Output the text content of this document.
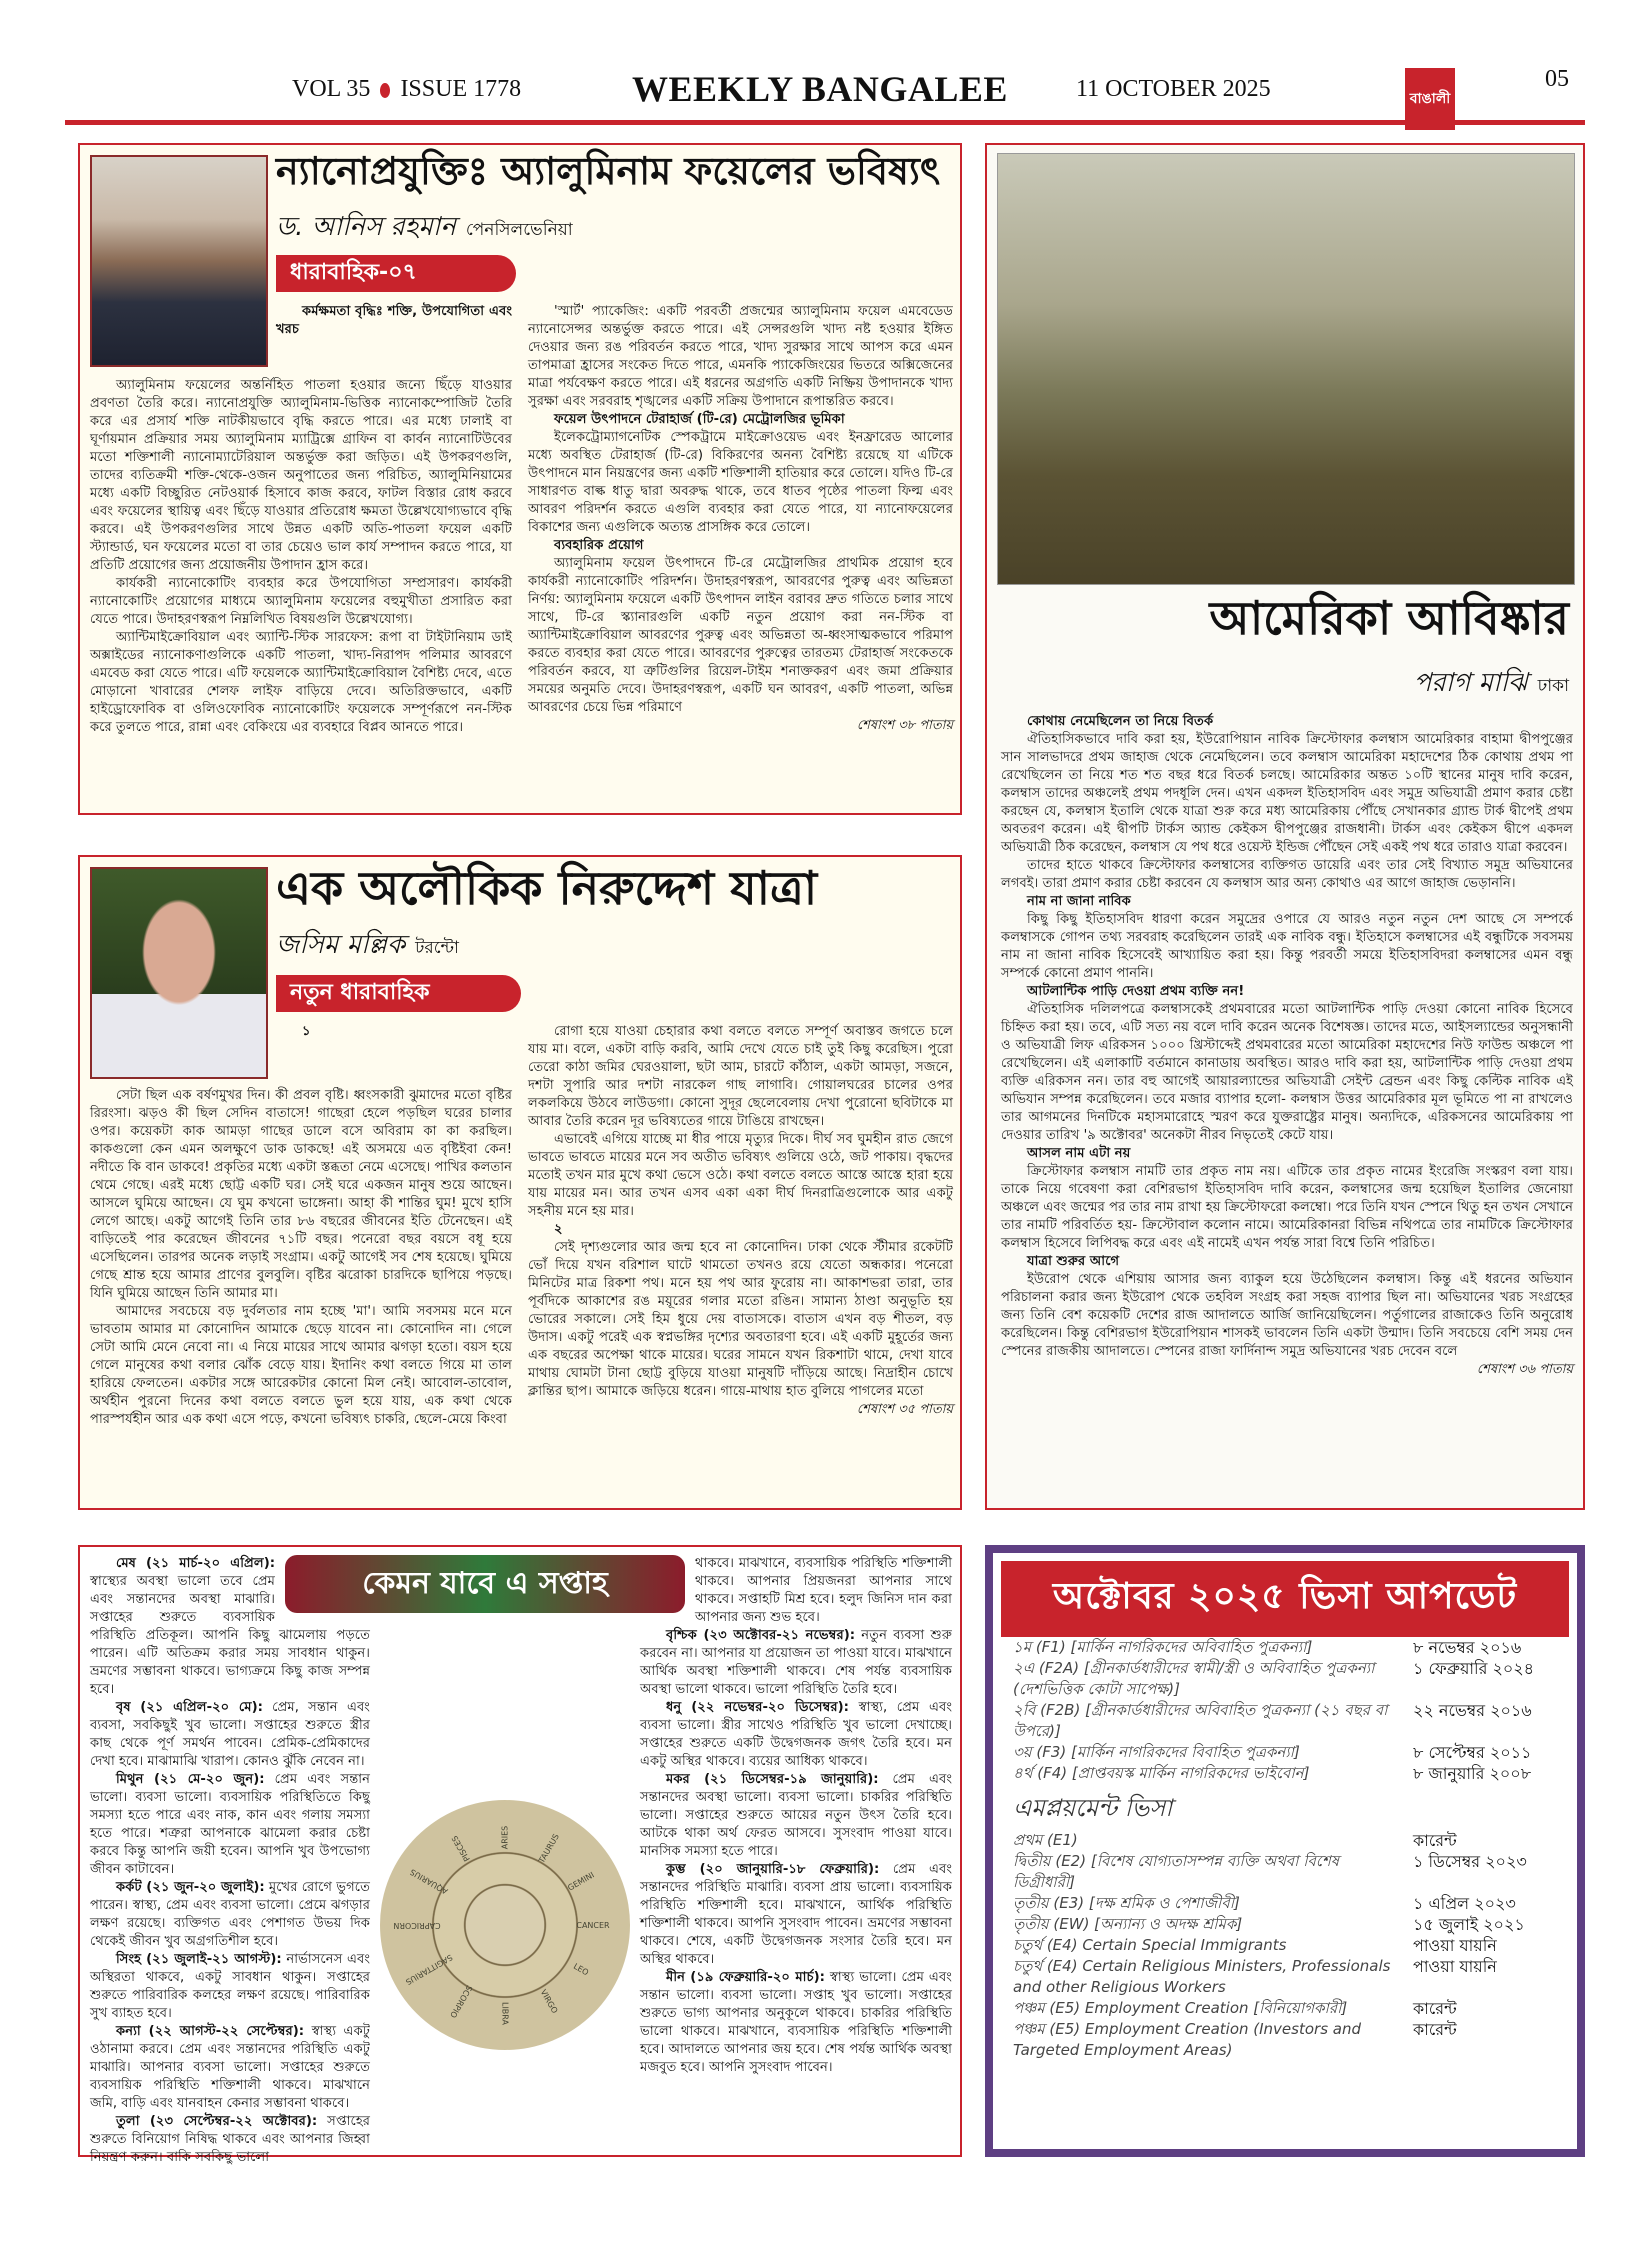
VOL 35 ISSUE 1778	WEEKLY BANGALEE	11 OCTOBER 2025	বাঙালী
05
ন্যানোপ্রযুক্তিঃ অ্যালুমিনাম ফয়েলের ভবিষ্যৎ
ড. আনিস রহমান পেনসিলভেনিয়া
ধারাবাহিক-০৭

কর্মক্ষমতা বৃদ্ধিঃ শক্তি, উপযোগিতা এবং খরচ

অ্যালুমিনাম ফয়েলের অন্তর্নিহিত পাতলা হওয়ার জন্যে ছিঁড়ে যাওয়ার প্রবণতা তৈরি করে। ন্যানোপ্রযুক্তি অ্যালুমিনাম-ভিত্তিক ন্যানোকম্পোজিট তৈরি করে এর প্রসার্য শক্তি নাটকীয়ভাবে বৃদ্ধি করতে পারে। এর মধ্যে ঢালাই বা ঘূর্ণায়মান প্রক্রিয়ার সময় অ্যালুমিনাম ম্যাট্রিক্সে গ্রাফিন বা কার্বন ন্যানোটিউবের মতো শক্তিশালী ন্যানোম্যাটেরিয়াল অন্তর্ভুক্ত করা জড়িত। এই উপকরণগুলি, তাদের ব্যতিক্রমী শক্তি-থেকে-ওজন অনুপাতের জন্য পরিচিত, অ্যালুমিনিয়ামের মধ্যে একটি বিচ্ছুরিত নেটওয়ার্ক হিসাবে কাজ করবে, ফাটল বিস্তার রোধ করবে এবং ফয়েলের স্থায়িত্ব এবং ছিঁড়ে যাওয়ার প্রতিরোধ ক্ষমতা উল্লেখযোগ্যভাবে বৃদ্ধি করবে। এই উপকরণগুলির সাথে উন্নত একটি অতি-পাতলা ফয়েল একটি স্ট্যান্ডার্ড, ঘন ফয়েলের মতো বা তার চেয়েও ভাল কার্য সম্পাদন করতে পারে, যা প্রতিটি প্রয়োগের জন্য প্রয়োজনীয় উপাদান হ্রাস করে।

কার্যকরী ন্যানোকোটিং ব্যবহার করে উপযোগিতা সম্প্রসারণ। কার্যকরী ন্যানোকোটিং প্রয়োগের মাধ্যমে অ্যালুমিনাম ফয়েলের বহুমুখীতা প্রসারিত করা যেতে পারে। উদাহরণস্বরূপ নিম্নলিখিত বিষয়গুলি উল্লেখযোগ্য।

অ্যান্টিমাইক্রোবিয়াল এবং অ্যান্টি-স্টিক সারফেস: রূপা বা টাইটানিয়াম ডাই অক্সাইডের ন্যানোকণাগুলিকে একটি পাতলা, খাদ্য-নিরাপদ পলিমার আবরণে এমবেড করা যেতে পারে। এটি ফয়েলকে অ্যান্টিমাইক্রোবিয়াল বৈশিষ্ট্য দেবে, এতে মোড়ানো খাবারের শেলফ লাইফ বাড়িয়ে দেবে। অতিরিক্তভাবে, একটি হাইড্রোফোবিক বা ওলিওফোবিক ন্যানোকোটিং ফয়েলকে সম্পূর্ণরূপে নন-স্টিক করে তুলতে পারে, রান্না এবং বেকিংয়ে এর ব্যবহারে বিপ্লব আনতে পারে।

'স্মার্ট' প্যাকেজিং: একটি পরবর্তী প্রজন্মের অ্যালুমিনাম ফয়েল এমবেডেড ন্যানোসেন্সর অন্তর্ভুক্ত করতে পারে। এই সেন্সরগুলি খাদ্য নষ্ট হওয়ার ইঙ্গিত দেওয়ার জন্য রঙ পরিবর্তন করতে পারে, খাদ্য সুরক্ষার সাথে আপস করে এমন তাপমাত্রা হ্রাসের সংকেত দিতে পারে, এমনকি প্যাকেজিংয়ের ভিতরে অক্সিজেনের মাত্রা পর্যবেক্ষণ করতে পারে। এই ধরনের অগ্রগতি একটি নিষ্ক্রিয় উপাদানকে খাদ্য সুরক্ষা এবং সরবরাহ শৃঙ্খলের একটি সক্রিয় উপাদানে রূপান্তরিত করবে।

ফয়েল উৎপাদনে টেরাহার্জ (টি-রে) মেট্রোলজির ভূমিকা

ইলেকট্রোম্যাগনেটিক স্পেকট্রামে মাইক্রোওয়েভ এবং ইনফ্রারেড আলোর মধ্যে অবস্থিত টেরাহার্জ (টি-রে) বিকিরণের অনন্য বৈশিষ্ট্য রয়েছে যা এটিকে উৎপাদনে মান নিয়ন্ত্রণের জন্য একটি শক্তিশালী হাতিয়ার করে তোলে। যদিও টি-রে সাধারণত বাল্ক ধাতু দ্বারা অবরুদ্ধ থাকে, তবে ধাতব পৃষ্ঠের পাতলা ফিল্ম এবং আবরণ পরিদর্শন করতে এগুলি ব্যবহার করা যেতে পারে, যা ন্যানোফয়েলের বিকাশের জন্য এগুলিকে অত্যন্ত প্রাসঙ্গিক করে তোলে।

ব্যবহারিক প্রয়োগ

অ্যালুমিনাম ফয়েল উৎপাদনে টি-রে মেট্রোলজির প্রাথমিক প্রয়োগ হবে কার্যকরী ন্যানোকোটিং পরিদর্শন। উদাহরণস্বরূপ, আবরণের পুরুত্ব এবং অভিন্নতা নির্ণয়: অ্যালুমিনাম ফয়েলে একটি উৎপাদন লাইন বরাবর দ্রুত গতিতে চলার সাথে সাথে, টি-রে স্ক্যানারগুলি একটি নতুন প্রয়োগ করা নন-স্টিক বা অ্যান্টিমাইক্রোবিয়াল আবরণের পুরুত্ব এবং অভিন্নতা অ-ধ্বংসাত্মকভাবে পরিমাপ করতে ব্যবহার করা যেতে পারে। আবরণের পুরুত্বের তারতম্য টেরাহার্জ সংকেতকে পরিবর্তন করবে, যা ত্রুটিগুলির রিয়েল-টাইম শনাক্তকরণ এবং জমা প্রক্রিয়ার সময়ের অনুমতি দেবে। উদাহরণস্বরূপ, একটি ঘন আবরণ, একটি পাতলা, অভিন্ন আবরণের চেয়ে ভিন্ন পরিমাণে

শেষাংশ ৩৮ পাতায়
এক অলৌকিক নিরুদ্দেশ যাত্রা
জসিম মল্লিক টরন্টো
নতুন ধারাবাহিক

১

সেটা ছিল এক বর্ষণমুখর দিন। কী প্রবল বৃষ্টি। ধ্বংসকারী ঝুমাদের মতো বৃষ্টির রিরংসা। ঝড়ও কী ছিল সেদিন বাতাসে! গাছেরা হেলে পড়ছিল ঘরের চালার ওপর। কয়েকটা কাক আমড়া গাছের ডালে বসে অবিরাম কা কা করছিল। কাকগুলো কেন এমন অলক্ষুণে ডাক ডাকছে! এই অসময়ে এত বৃষ্টিইবা কেন! নদীতে কি বান ডাকবে! প্রকৃতির মধ্যে একটা স্তব্ধতা নেমে এসেছে। পাখির কলতান থেমে গেছে। এরই মধ্যে ছোট্ট একটি ঘর। সেই ঘরে একজন মানুষ শুয়ে আছেন। আসলে ঘুমিয়ে আছেন। যে ঘুম কখনো ভাঙ্গেনা। আহা কী শান্তির ঘুম! মুখে হাসি লেগে আছে। একটু আগেই তিনি তার ৮৬ বছরের জীবনের ইতি টেনেছেন। এই বাড়িতেই পার করেছেন জীবনের ৭১টি বছর। পনেরো বছর বয়সে বধূ হয়ে এসেছিলেন। তারপর অনেক লড়াই সংগ্রাম। একটু আগেই সব শেষ হয়েছে। ঘুমিয়ে গেছে শ্রান্ত হয়ে আমার প্রাণের বুলবুলি। বৃষ্টির ঝরোকা চারদিকে ছাপিয়ে পড়ছে। যিনি ঘুমিয়ে আছেন তিনি আমার মা।

আমাদের সবচেয়ে বড় দুর্বলতার নাম হচ্ছে 'মা'। আমি সবসময় মনে মনে ভাবতাম আমার মা কোনোদিন আমাকে ছেড়ে যাবেন না। কোনোদিন না। গেলে সেটা আমি মেনে নেবো না। এ নিয়ে মায়ের সাথে আমার ঝগড়া হতো। বয়স হয়ে গেলে মানুষের কথা বলার ঝোঁক বেড়ে যায়। ইদানিং কথা বলতে গিয়ে মা তাল হারিয়ে ফেলতেন। একটার সঙ্গে আরেকটার কোনো মিল নেই। আবোল-তাবোল, অর্থহীন পুরনো দিনের কথা বলতে বলতে ভুল হয়ে যায়, এক কথা থেকে পারস্পর্যহীন আর এক কথা এসে পড়ে, কখনো ভবিষ্যৎ চাকরি, ছেলে-মেয়ে কিংবা

রোগা হয়ে যাওয়া চেহারার কথা বলতে বলতে সম্পূর্ণ অবাস্তব জগতে চলে যায় মা। বলে, একটা বাড়ি করবি, আমি দেখে যেতে চাই তুই কিছু করেছিস। পুরো তেরো কাঠা জমির ঘেরওয়ালা, ছটা আম, চারটে কাঁঠাল, একটা আমড়া, সজনে, দশটা সুপারি আর দশটা নারকেল গাছ লাগাবি। গোয়ালঘরের চালের ওপর লকলকিয়ে উঠবে লাউডগা। কোনো সুদূর ছেলেবেলায় দেখা পুরোনো ছবিটাকে মা আবার তৈরি করেন দূর ভবিষ্যতের গায়ে টাঙিয়ে রাখছেন।

এভাবেই এগিয়ে যাচ্ছে মা ধীর পায়ে মৃত্যুর দিকে। দীর্ঘ সব ঘুমহীন রাত জেগে ভাবতে ভাবতে মায়ের মনে সব অতীত ভবিষ্যৎ গুলিয়ে ওঠে, জট পাকায়। বৃদ্ধদের মতোই তখন মার মুখে কথা ভেসে ওঠে। কথা বলতে বলতে আস্তে আস্তে হারা হয়ে যায় মায়ের মন। আর তখন এসব একা একা দীর্ঘ দিনরাত্রিগুলোকে আর একটু সহনীয় মনে হয় মার।

২

সেই দৃশ্যগুলোর আর জন্ম হবে না কোনোদিন। ঢাকা থেকে স্টীমার রকেটটি ভোঁ দিয়ে যখন বরিশাল ঘাটে থামতো তখনও রয়ে যেতো অন্ধকার। পনেরো মিনিটের মাত্র রিকশা পথ। মনে হয় পথ আর ফুরোয় না। আকাশভরা তারা, তার পূর্বদিকে আকাশের রঙ ময়ূরের গলার মতো রঙিন। সামান্য ঠাণ্ডা অনুভূতি হয় ভোরের সকালে। সেই হিম ধুয়ে দেয় বাতাসকে। বাতাস এখন বড় শীতল, বড় উদাস। একটু পরেই এক স্বপ্নভঙ্গির দৃশ্যের অবতারণা হবে। এই একটি মুহূর্তের জন্য এক বছরের অপেক্ষা থাকে মায়ের। ঘরের সামনে যখন রিকশাটা থামে, দেখা যাবে মাথায় ঘোমটা টানা ছোট্ট বুড়িয়ে যাওয়া মানুষটি দাঁড়িয়ে আছে। নিদ্রাহীন চোখে ক্লান্তির ছাপ। আমাকে জড়িয়ে ধরেন। গায়ে-মাথায় হাত বুলিয়ে পাগলের মতো

শেষাংশ ৩৫ পাতায়
আমেরিকা আবিষ্কার
পরাগ মাঝি ঢাকা

কোথায় নেমেছিলেন তা নিয়ে বিতর্ক

ঐতিহাসিকভাবে দাবি করা হয়, ইউরোপিয়ান নাবিক ক্রিস্টোফার কলম্বাস আমেরিকার বাহামা দ্বীপপুঞ্জের সান সালভাদরে প্রথম জাহাজ থেকে নেমেছিলেন। তবে কলম্বাস আমেরিকা মহাদেশের ঠিক কোথায় প্রথম পা রেখেছিলেন তা নিয়ে শত শত বছর ধরে বিতর্ক চলছে। আমেরিকার অন্তত ১০টি স্থানের মানুষ দাবি করেন, কলম্বাস তাদের অঞ্চলেই প্রথম পদধূলি দেন। এখন একদল ইতিহাসবিদ এবং সমুদ্র অভিযাত্রী প্রমাণ করার চেষ্টা করছেন যে, কলম্বাস ইতালি থেকে যাত্রা শুরু করে মধ্য আমেরিকায় পৌঁছে সেখানকার গ্র্যান্ড টার্ক দ্বীপেই প্রথম অবতরণ করেন। এই দ্বীপটি টার্কস অ্যান্ড কেইকস দ্বীপপুঞ্জের রাজধানী। টার্কস এবং কেইকস দ্বীপে একদল অভিযাত্রী ঠিক করেছেন, কলম্বাস যে পথ ধরে ওয়েস্ট ইন্ডিজ পৌঁছেন সেই একই পথ ধরে তারাও যাত্রা করবেন।

তাদের হাতে থাকবে ক্রিস্টোফার কলম্বাসের ব্যক্তিগত ডায়েরি এবং তার সেই বিখ্যাত সমুদ্র অভিযানের লগবই। তারা প্রমাণ করার চেষ্টা করবেন যে কলম্বাস আর অন্য কোথাও এর আগে জাহাজ ভেড়াননি।

নাম না জানা নাবিক

কিছু কিছু ইতিহাসবিদ ধারণা করেন সমুদ্রের ওপারে যে আরও নতুন নতুন দেশ আছে সে সম্পর্কে কলম্বাসকে গোপন তথ্য সরবরাহ করেছিলেন তারই এক নাবিক বন্ধু। ইতিহাসে কলম্বাসের এই বন্ধুটিকে সবসময় নাম না জানা নাবিক হিসেবেই আখ্যায়িত করা হয়। কিন্তু পরবর্তী সময়ে ইতিহাসবিদরা কলম্বাসের এমন বন্ধু সম্পর্কে কোনো প্রমাণ পাননি।

আটলান্টিক পাড়ি দেওয়া প্রথম ব্যক্তি নন!

ঐতিহাসিক দলিলপত্রে কলম্বাসকেই প্রথমবারের মতো আটলান্টিক পাড়ি দেওয়া কোনো নাবিক হিসেবে চিহ্নিত করা হয়। তবে, এটি সত্য নয় বলে দাবি করেন অনেক বিশেষজ্ঞ। তাদের মতে, আইসল্যান্ডের অনুসন্ধানী ও অভিযাত্রী লিফ এরিকসন ১০০০ খ্রিস্টাব্দেই প্রথমবারের মতো আমেরিকা মহাদেশের নিউ ফাউন্ড অঞ্চলে পা রেখেছিলেন। এই এলাকাটি বর্তমানে কানাডায় অবস্থিত। আরও দাবি করা হয়, আটলান্টিক পাড়ি দেওয়া প্রথম ব্যক্তি এরিকসন নন। তার বহু আগেই আয়ারল্যান্ডের অভিযাত্রী সেইন্ট ব্রেন্ডন এবং কিছু কেল্টিক নাবিক এই অভিযান সম্পন্ন করেছিলেন। তবে মজার ব্যাপার হলো- কলম্বাস উত্তর আমেরিকার মূল ভূমিতে পা না রাখলেও তার আগমনের দিনটিকে মহাসমারোহে স্মরণ করে যুক্তরাষ্ট্রের মানুষ। অন্যদিকে, এরিকসনের আমেরিকায় পা দেওয়ার তারিখ '৯ অক্টোবর' অনেকটা নীরব নিভৃতেই কেটে যায়।

আসল নাম এটা নয়

ক্রিস্টোফার কলম্বাস নামটি তার প্রকৃত নাম নয়। এটিকে তার প্রকৃত নামের ইংরেজি সংস্করণ বলা যায়। তাকে নিয়ে গবেষণা করা বেশিরভাগ ইতিহাসবিদ দাবি করেন, কলম্বাসের জন্ম হয়েছিল ইতালির জেনোয়া অঞ্চলে এবং জন্মের পর তার নাম রাখা হয় ক্রিস্টোফরো কলম্বো। পরে তিনি যখন স্পেনে থিতু হন তখন সেখানে তার নামটি পরিবর্তিত হয়- ক্রিস্টোবাল কলোন নামে। আমেরিকানরা বিভিন্ন নথিপত্রে তার নামটিকে ক্রিস্টোফার কলম্বাস হিসেবে লিপিবদ্ধ করে এবং এই নামেই এখন পর্যন্ত সারা বিশ্বে তিনি পরিচিত।

যাত্রা শুরুর আগে

ইউরোপ থেকে এশিয়ায় আসার জন্য ব্যাকুল হয়ে উঠেছিলেন কলম্বাস। কিন্তু এই ধরনের অভিযান পরিচালনা করার জন্য ইউরোপ থেকে তহবিল সংগ্রহ করা সহজ ব্যাপার ছিল না। অভিযানের খরচ সংগ্রহের জন্য তিনি বেশ কয়েকটি দেশের রাজ আদালতে আর্জি জানিয়েছিলেন। পর্তুগালের রাজাকেও তিনি অনুরোধ করেছিলেন। কিন্তু বেশিরভাগ ইউরোপিয়ান শাসকই ভাবলেন তিনি একটা উন্মাদ। তিনি সবচেয়ে বেশি সময় দেন স্পেনের রাজকীয় আদালতে। স্পেনের রাজা ফার্দিনান্দ সমুদ্র অভিযানের খরচ দেবেন বলে

শেষাংশ ৩৬ পাতায়
কেমন যাবে এ সপ্তাহ
ARIES	TAURUS
GEMINI
CANCER
LEO
VIRGO
LIBRA
SCORPIO
SAGITTARIUS
CAPRICORN
AQUARIUS
PISCES

মেষ (২১ মার্চ-২০ এপ্রিল): স্বাস্থ্যের অবস্থা ভালো তবে প্রেম এবং সন্তানদের অবস্থা মাঝারি। সপ্তাহের শুরুতে ব্যবসায়িক পরিস্থিতি প্রতিকূল। আপনি কিছু ঝামেলায় পড়তে পারেন। এটি অতিক্রম করার সময় সাবধান থাকুন। ভ্রমণের সম্ভাবনা থাকবে। ভাগ্যক্রমে কিছু কাজ সম্পন্ন হবে।

বৃষ (২১ এপ্রিল-২০ মে): প্রেম, সন্তান এবং ব্যবসা, সবকিছুই খুব ভালো। সপ্তাহের শুরুতে স্ত্রীর কাছ থেকে পূর্ণ সমর্থন পাবেন। প্রেমিক-প্রেমিকাদের দেখা হবে। মাঝামাঝি খারাপ। কোনও ঝুঁকি নেবেন না।

মিথুন (২১ মে-২০ জুন): প্রেম এবং সন্তান ভালো। ব্যবসা ভালো। ব্যবসায়িক পরিস্থিতিতে কিছু সমস্যা হতে পারে এবং নাক, কান এবং গলায় সমস্যা হতে পারে। শত্রুরা আপনাকে ঝামেলা করার চেষ্টা করবে কিন্তু আপনি জয়ী হবেন। আপনি খুব উপভোগ্য জীবন কাটাবেন।

কর্কট (২১ জুন-২০ জুলাই): মুখের রোগে ভুগতে পারেন। স্বাস্থ্য, প্রেম এবং ব্যবসা ভালো। প্রেমে ঝগড়ার লক্ষণ রয়েছে। ব্যক্তিগত এবং পেশাগত উভয় দিক থেকেই জীবন খুব অগ্রগতিশীল হবে।

সিংহ (২১ জুলাই-২১ আগস্ট): নার্ভাসনেস এবং অস্থিরতা থাকবে, একটু সাবধান থাকুন। সপ্তাহের শুরুতে পারিবারিক কলহের লক্ষণ রয়েছে। পারিবারিক সুখ ব্যাহত হবে।

কন্যা (২২ আগস্ট-২২ সেপ্টেম্বর): স্বাস্থ্য একটু ওঠানামা করবে। প্রেম এবং সন্তানদের পরিস্থিতি একটু মাঝারি। আপনার ব্যবসা ভালো। সপ্তাহের শুরুতে ব্যবসায়িক পরিস্থিতি শক্তিশালী থাকবে। মাঝখানে জমি, বাড়ি এবং যানবাহন কেনার সম্ভাবনা থাকবে।

তুলা (২৩ সেপ্টেম্বর-২২ অক্টোবর): সপ্তাহের শুরুতে বিনিয়োগ নিষিদ্ধ থাকবে এবং আপনার জিহ্বা নিয়ন্ত্রণ করুন। বাকি সবকিছু ভালো

থাকবে। মাঝখানে, ব্যবসায়িক পরিস্থিতি শক্তিশালী থাকবে। আপনার প্রিয়জনরা আপনার সাথে থাকবে। সপ্তাহটি মিশ্র হবে। হলুদ জিনিস দান করা আপনার জন্য শুভ হবে।

বৃশ্চিক (২৩ অক্টোবর-২১ নভেম্বর): নতুন ব্যবসা শুরু করবেন না। আপনার যা প্রয়োজন তা পাওয়া যাবে। মাঝখানে আর্থিক অবস্থা শক্তিশালী থাকবে। শেষ পর্যন্ত ব্যবসায়িক অবস্থা ভালো থাকবে। ভালো পরিস্থিতি তৈরি হবে।

ধনু (২২ নভেম্বর-২০ ডিসেম্বর): স্বাস্থ্য, প্রেম এবং ব্যবসা ভালো। স্ত্রীর সাথেও পরিস্থিতি খুব ভালো দেখাচ্ছে। সপ্তাহের শুরুতে একটি উদ্বেগজনক জগৎ তৈরি হবে। মন একটু অস্থির থাকবে। ব্যয়ের আধিক্য থাকবে।

মকর (২১ ডিসেম্বর-১৯ জানুয়ারি): প্রেম এবং সন্তানদের অবস্থা ভালো। ব্যবসা ভালো। চাকরির পরিস্থিতি ভালো। সপ্তাহের শুরুতে আয়ের নতুন উৎস তৈরি হবে। আটকে থাকা অর্থ ফেরত আসবে। সুসংবাদ পাওয়া যাবে। মানসিক সমস্যা হতে পারে।

কুম্ভ (২০ জানুয়ারি-১৮ ফেব্রুয়ারি): প্রেম এবং সন্তানদের পরিস্থিতি মাঝারি। ব্যবসা প্রায় ভালো। ব্যবসায়িক পরিস্থিতি শক্তিশালী হবে। মাঝখানে, আর্থিক পরিস্থিতি শক্তিশালী থাকবে। আপনি সুসংবাদ পাবেন। ভ্রমণের সম্ভাবনা থাকবে। শেষে, একটি উদ্বেগজনক সংসার তৈরি হবে। মন অস্থির থাকবে।

মীন (১৯ ফেব্রুয়ারি-২০ মার্চ): স্বাস্থ্য ভালো। প্রেম এবং সন্তান ভালো। ব্যবসা ভালো। সপ্তাহ খুব ভালো। সপ্তাহের শুরুতে ভাগ্য আপনার অনুকূলে থাকবে। চাকরির পরিস্থিতি ভালো থাকবে। মাঝখানে, ব্যবসায়িক পরিস্থিতি শক্তিশালী হবে। আদালতে আপনার জয় হবে। শেষ পর্যন্ত আর্থিক অবস্থা মজবুত হবে। আপনি সুসংবাদ পাবেন।

অক্টোবর ২০২৫ ভিসা আপডেট
১ম (F1) [মার্কিন নাগরিকদের অবিবাহিত পুত্রকন্যা]	৮ নভেম্বর ২০১৬
২এ (F2A) [গ্রীনকার্ডধারীদের স্বামী/স্ত্রী ও অবিবাহিত পুত্রকন্যা (দেশভিত্তিক কোটা সাপেক্ষ)]
১ ফেব্রুয়ারি ২০২৪
২বি (F2B) [গ্রীনকার্ডধারীদের অবিবাহিত পুত্রকন্যা (২১ বছর বা উপরে)]
২২ নভেম্বর ২০১৬
৩য় (F3) [মার্কিন নাগরিকদের বিবাহিত পুত্রকন্যা]	৮ সেপ্টেম্বর ২০১১
৪র্থ (F4) [প্রাপ্তবয়স্ক মার্কিন নাগরিকদের ভাইবোন]	৮ জানুয়ারি ২০০৮
এমপ্লয়মেন্ট ভিসা
প্রথম (E1)	কারেন্ট
দ্বিতীয় (E2) [বিশেষ যোগ্যতাসম্পন্ন ব্যক্তি অথবা বিশেষ ডিগ্রীধারী]
১ ডিসেম্বর ২০২৩
তৃতীয় (E3) [দক্ষ শ্রমিক ও পেশাজীবী]	১ এপ্রিল ২০২৩
তৃতীয় (EW) [অন্যান্য ও অদক্ষ শ্রমিক]	১৫ জুলাই ২০২১
চতুর্থ (E4) Certain Special Immigrants	পাওয়া যায়নি
চতুর্থ (E4) Certain Religious Ministers, Professionals and other Religious Workers
পাওয়া যায়নি
পঞ্চম (E5) Employment Creation [বিনিয়োগকারী]	কারেন্ট
পঞ্চম (E5) Employment Creation (Investors and Targeted Employment Areas)
কারেন্ট
